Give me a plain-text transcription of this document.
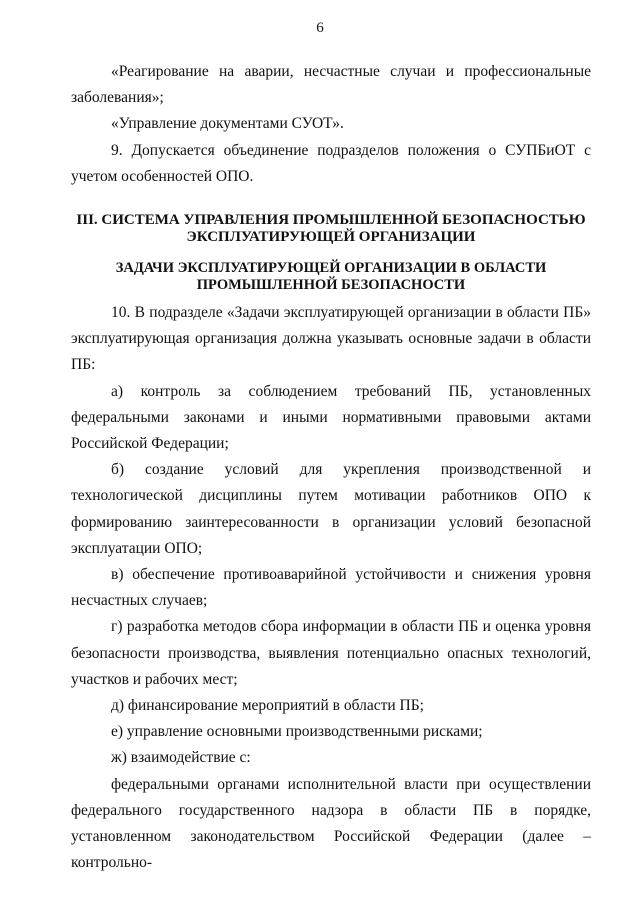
6

«Реагирование на аварии, несчастные случаи и профессиональные заболевания»;

«Управление документами СУОТ».

9. Допускается объединение подразделов положения о СУПБиОТ с учетом особенностей ОПО.

III. СИСТЕМА УПРАВЛЕНИЯ ПРОМЫШЛЕННОЙ БЕЗОПАСНОСТЬЮ
ЭКСПЛУАТИРУЮЩЕЙ ОРГАНИЗАЦИИ
ЗАДАЧИ ЭКСПЛУАТИРУЮЩЕЙ ОРГАНИЗАЦИИ В ОБЛАСТИ
ПРОМЫШЛЕННОЙ БЕЗОПАСНОСТИ

10. В подразделе «Задачи эксплуатирующей организации в области ПБ» эксплуатирующая организация должна указывать основные задачи в области ПБ:

а) контроль за соблюдением требований ПБ, установленных федеральными законами и иными нормативными правовыми актами Российской Федерации;

б) создание условий для укрепления производственной и технологической дисциплины путем мотивации работников ОПО к формированию заинтересованности в организации условий безопасной эксплуатации ОПО;

в) обеспечение противоаварийной устойчивости и снижения уровня несчастных случаев;

г) разработка методов сбора информации в области ПБ и оценка уровня безопасности производства, выявления потенциально опасных технологий, участков и рабочих мест;

д) финансирование мероприятий в области ПБ;

е) управление основными производственными рисками;

ж) взаимодействие с:

федеральными органами исполнительной власти при осуществлении федерального государственного надзора в области ПБ в порядке, установленном законодательством Российской Федерации (далее – контрольно-
